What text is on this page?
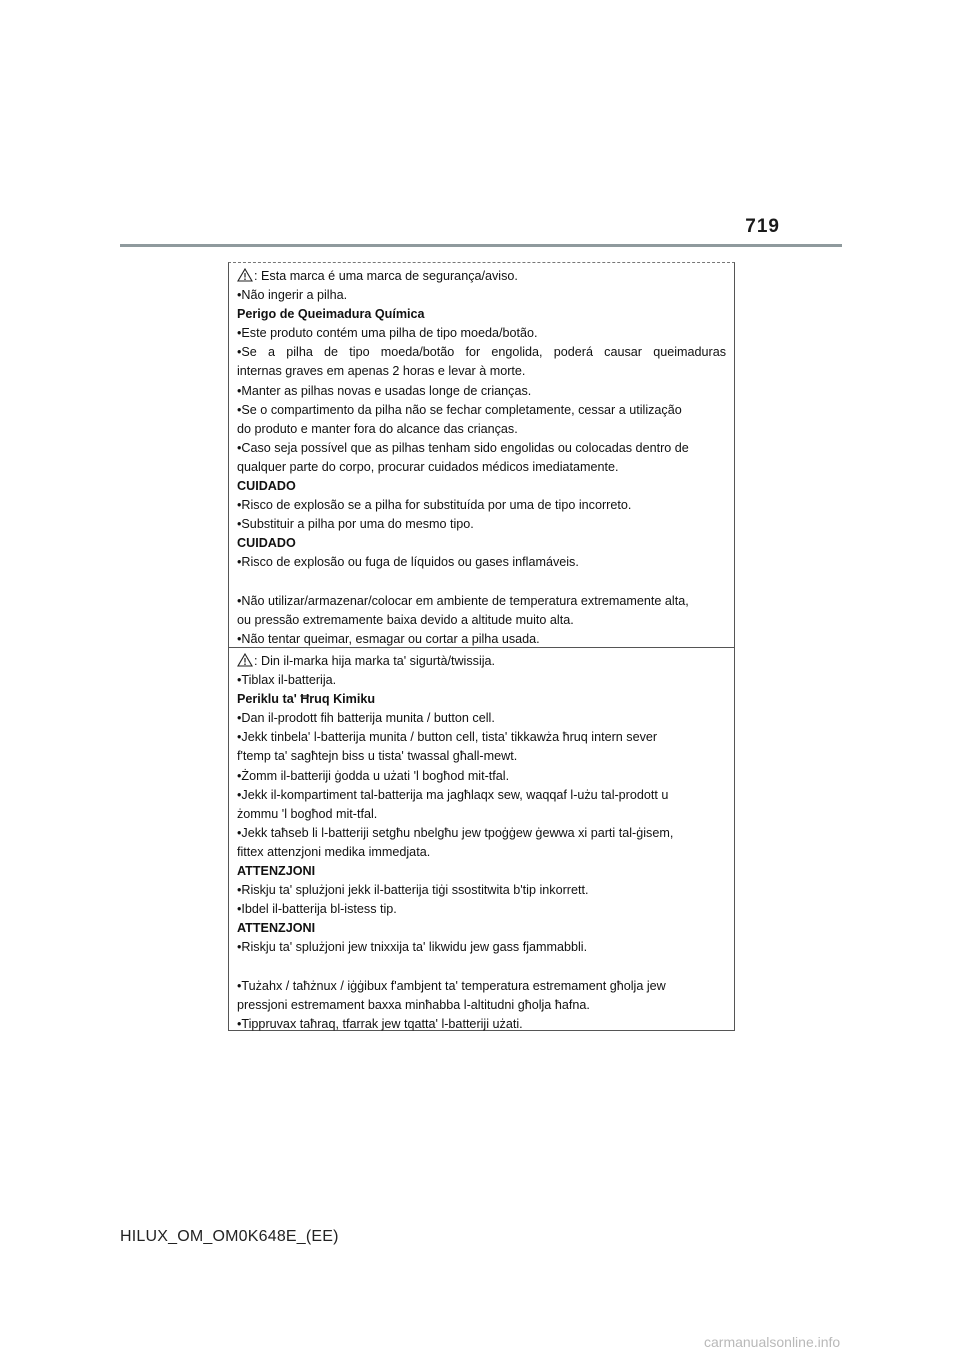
719
: Esta marca é uma marca de segurança/aviso.
•Não ingerir a pilha.
Perigo de Queimadura Química
•Este produto contém uma pilha de tipo moeda/botão.
•Se a pilha de tipo moeda/botão for engolida, poderá causar queimaduras
internas graves em apenas 2 horas e levar à morte.
•Manter as pilhas novas e usadas longe de crianças.
•Se o compartimento da pilha não se fechar completamente, cessar a utilização
do produto e manter fora do alcance das crianças.
•Caso seja possível que as pilhas tenham sido engolidas ou colocadas dentro de
qualquer parte do corpo, procurar cuidados médicos imediatamente.
CUIDADO
•Risco de explosão se a pilha for substituída por uma de tipo incorreto.
•Substituir a pilha por uma do mesmo tipo.
CUIDADO
•Risco de explosão ou fuga de líquidos ou gases inflamáveis.
•Não utilizar/armazenar/colocar em ambiente de temperatura extremamente alta,
ou pressão extremamente baixa devido a altitude muito alta.
•Não tentar queimar, esmagar ou cortar a pilha usada.
: Din il-marka hija marka ta' sigurtà/twissija.
•Tiblax il-batterija.
Periklu ta' Ħruq Kimiku
•Dan il-prodott fih batterija munita / button cell.
•Jekk tinbela' l-batterija munita / button cell, tista' tikkawża ħruq intern sever
f'temp ta' sagħtejn biss u tista' twassal għall-mewt.
•Żomm il-batteriji ġodda u użati 'l bogħod mit-tfal.
•Jekk il-kompartiment tal-batterija ma jagħlaqx sew, waqqaf l-użu tal-prodott u
żommu 'l bogħod mit-tfal.
•Jekk taħseb li l-batteriji setgħu nbelgħu jew tpoġġew ġewwa xi parti tal-ġisem,
fittex attenzjoni medika immedjata.
ATTENZJONI
•Riskju ta' splużjoni jekk il-batterija tiġi ssostitwita b'tip inkorrett.
•Ibdel il-batterija bl-istess tip.
ATTENZJONI
•Riskju ta' splużjoni jew tnixxija ta' likwidu jew gass fjammabbli.
•Tużahx / taħżnux / iġġibux f'ambjent ta' temperatura estremament għolja jew
pressjoni estremament baxxa minħabba l-altitudni għolja ħafna.
•Tippruvax taħraq, tfarrak jew tqatta' l-batteriji użati.
HILUX_OM_OM0K648E_(EE)
carmanualsonline.info
